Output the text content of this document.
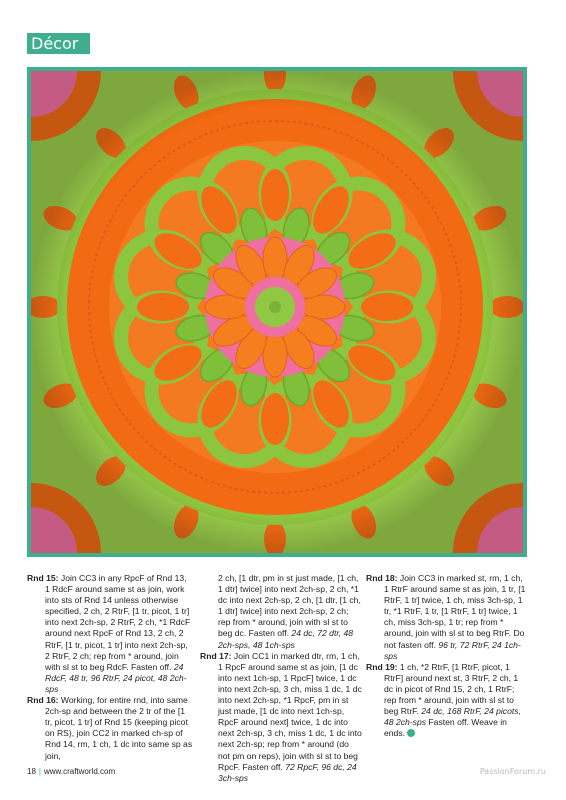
Décor

Rnd 15: Join CC3 in any RpcF of Rnd 13, 1 RdcF around same st as join, work into sts of Rnd 14 unless otherwise specified, 2 ch, 2 RtrF, [1 tr, picot, 1 tr] into next 2ch-sp, 2 RtrF, 2 ch, *1 RdcF around next RpcF of Rnd 13, 2 ch, 2 RtrF, [1 tr, picot, 1 tr] into next 2ch-sp, 2 RtrF, 2 ch; rep from * around, join with sl st to beg RdcF. Fasten off. 24 RdcF, 48 tr, 96 RtrF, 24 picot, 48 2ch-sps

Rnd 16: Working, for entire rnd, into same 2ch-sp and between the 2 tr of the [1 tr, picot, 1 tr] of Rnd 15 (keeping picot on RS), join CC2 in marked ch-sp of Rnd 14, rm, 1 ch, 1 dc into same sp as join,

2 ch, [1 dtr, pm in st just made, [1 ch, 1 dtr] twice] into next 2ch-sp, 2 ch, *1 dc into next 2ch-sp, 2 ch, [1 dtr, [1 ch, 1 dtr] twice] into next 2ch-sp, 2 ch; rep from * around, join with sl st to beg dc. Fasten off. 24 dc, 72 dtr, 48 2ch-sps, 48 1ch-sps

Rnd 17: Join CC1 in marked dtr, rm, 1 ch, 1 RpcF around same st as join, [1 dc into next 1ch-sp, 1 RpcF] twice, 1 dc into next 2ch-sp, 3 ch, miss 1 dc, 1 dc into next 2ch-sp, *1 RpcF, pm in st just made, [1 dc into next 1ch-sp, RpcF around next] twice, 1 dc into next 2ch-sp, 3 ch, miss 1 dc, 1 dc into next 2ch-sp; rep from * around (do not pm on reps), join with sl st to beg RpcF. Fasten off. 72 RpcF, 96 dc, 24 3ch-sps

Rnd 18: Join CC3 in marked st, rm, 1 ch, 1 RtrF around same st as join, 1 tr, [1 RtrF, 1 tr] twice, 1 ch, miss 3ch-sp, 1 tr, *1 RtrF, 1 tr, [1 RtrF, 1 tr] twice, 1 ch, miss 3ch-sp, 1 tr; rep from * around, join with sl st to beg RtrF. Do not fasten off. 96 tr, 72 RtrF, 24 1ch-sps

Rnd 19: 1 ch, *2 RtrF, [1 RtrF, picot, 1 RtrF] around next st, 3 RtrF, 2 ch, 1 dc in picot of Rnd 15, 2 ch, 1 RtrF; rep from * around, join with sl st to beg RtrF. 24 dc, 168 RtrF, 24 picots, 48 2ch-sps Fasten off. Weave in ends.

18 | www.craftworld.com	PassionForum.ru
